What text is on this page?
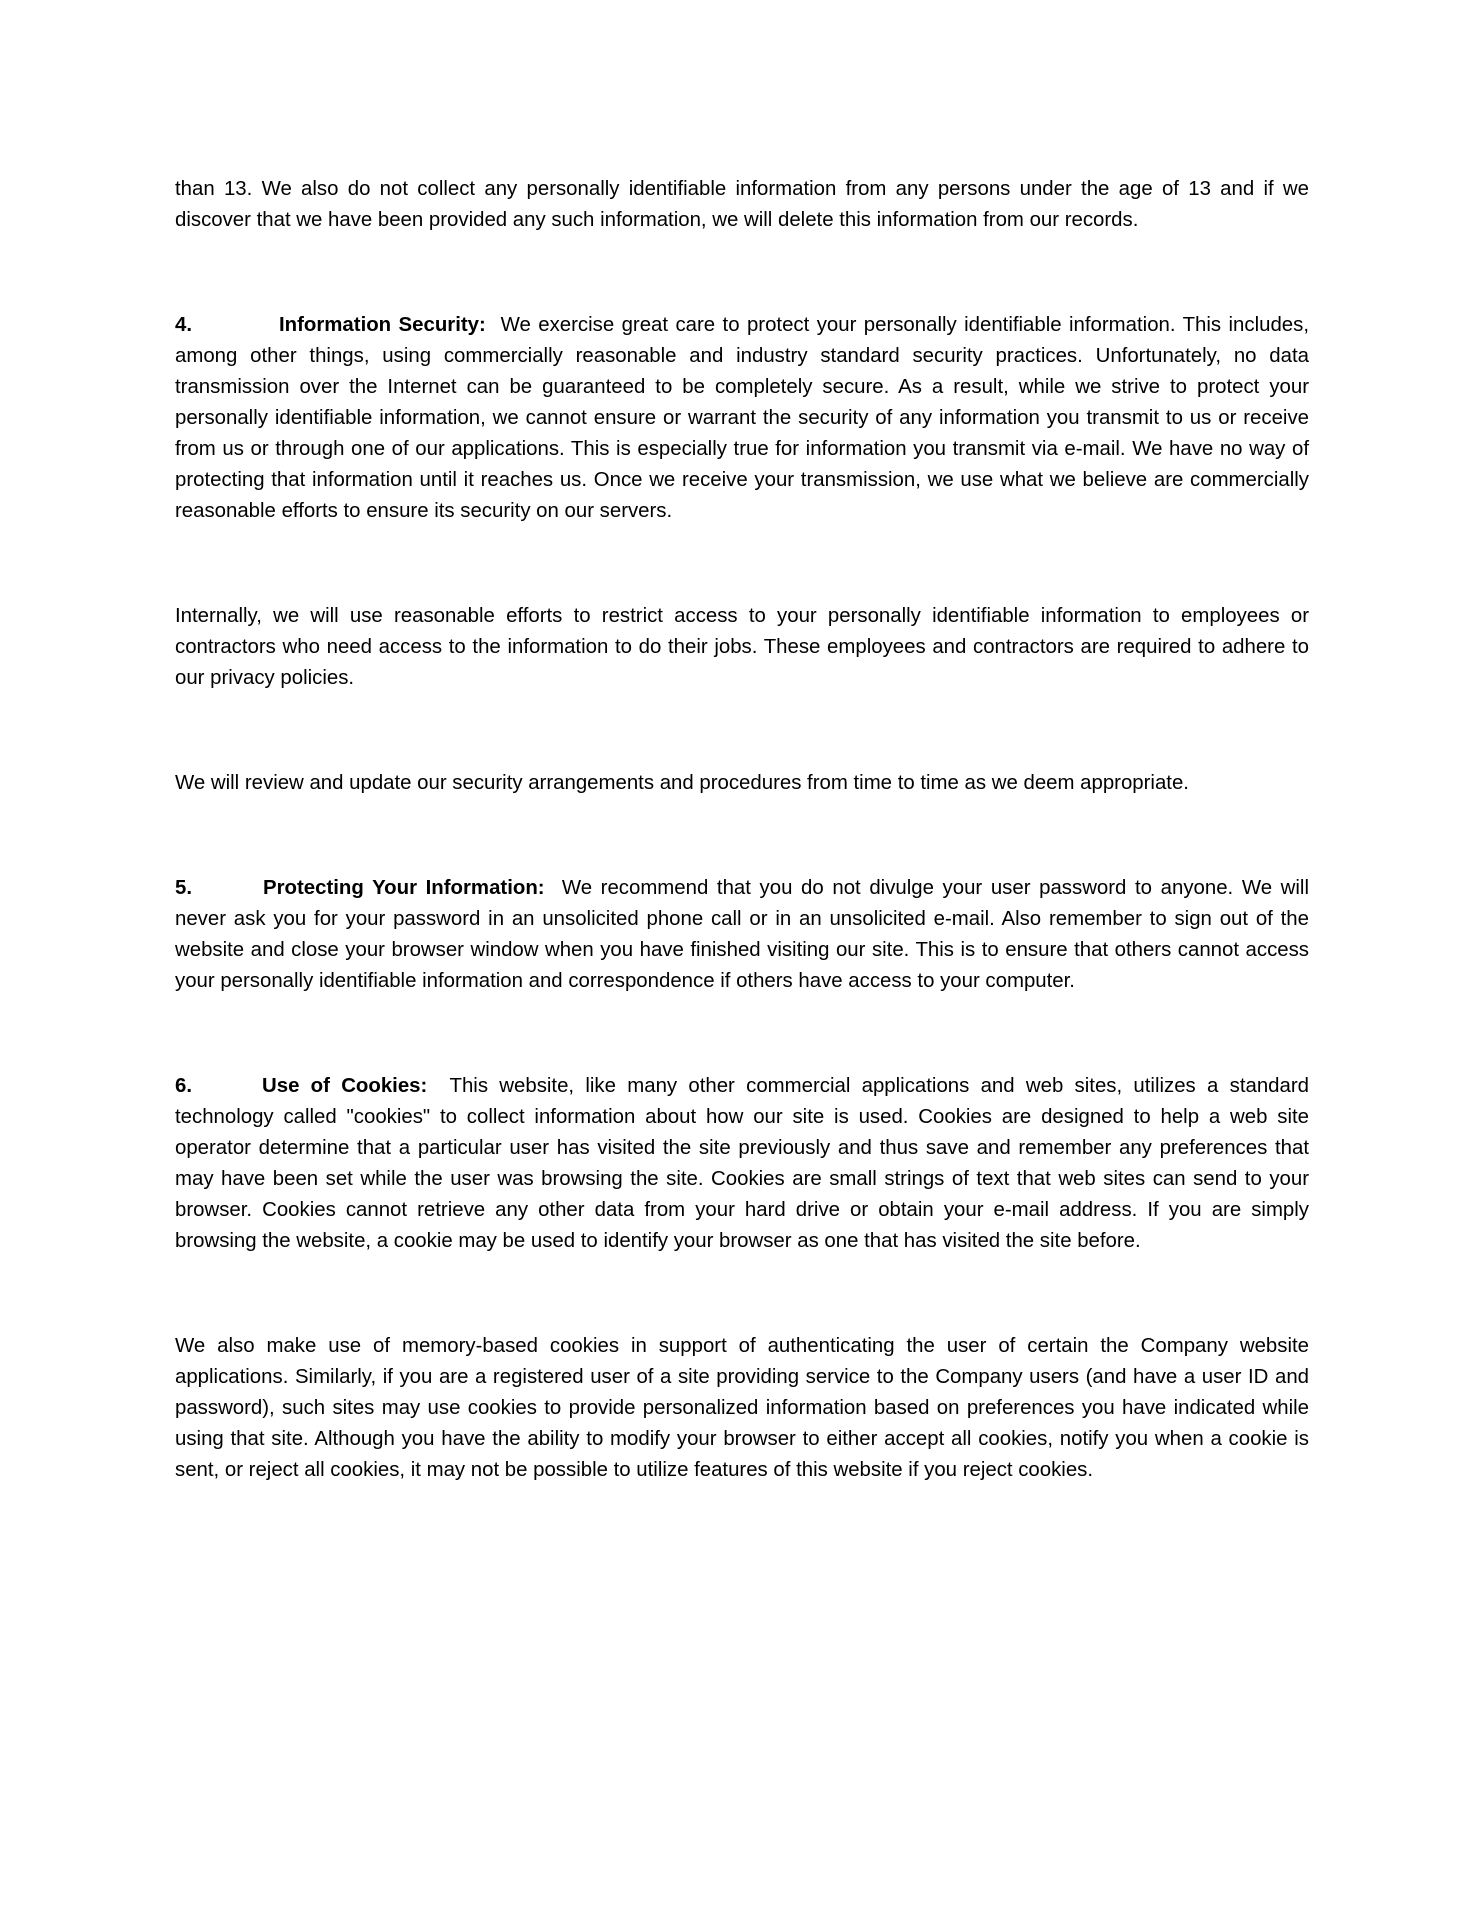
than 13. We also do not collect any personally identifiable information from any persons under the age of 13 and if we discover that we have been provided any such information, we will delete this information from our records.

4.	Information Security: We exercise great care to protect your personally identifiable information. This includes, among other things, using commercially reasonable and industry standard security practices. Unfortunately, no data transmission over the Internet can be guaranteed to be completely secure. As a result, while we strive to protect your personally identifiable information, we cannot ensure or warrant the security of any information you transmit to us or receive from us or through one of our applications. This is especially true for information you transmit via e-mail. We have no way of protecting that information until it reaches us. Once we receive your transmission, we use what we believe are commercially reasonable efforts to ensure its security on our servers.

Internally, we will use reasonable efforts to restrict access to your personally identifiable information to employees or contractors who need access to the information to do their jobs. These employees and contractors are required to adhere to our privacy policies.

We will review and update our security arrangements and procedures from time to time as we deem appropriate.

5.	Protecting Your Information: We recommend that you do not divulge your user password to anyone. We will never ask you for your password in an unsolicited phone call or in an unsolicited e-mail. Also remember to sign out of the website and close your browser window when you have finished visiting our site. This is to ensure that others cannot access your personally identifiable information and correspondence if others have access to your computer.

6.	Use of Cookies: This website, like many other commercial applications and web sites, utilizes a standard technology called "cookies" to collect information about how our site is used. Cookies are designed to help a web site operator determine that a particular user has visited the site previously and thus save and remember any preferences that may have been set while the user was browsing the site. Cookies are small strings of text that web sites can send to your browser. Cookies cannot retrieve any other data from your hard drive or obtain your e-mail address. If you are simply browsing the website, a cookie may be used to identify your browser as one that has visited the site before.

We also make use of memory-based cookies in support of authenticating the user of certain the Company website applications. Similarly, if you are a registered user of a site providing service to the Company users (and have a user ID and password), such sites may use cookies to provide personalized information based on preferences you have indicated while using that site. Although you have the ability to modify your browser to either accept all cookies, notify you when a cookie is sent, or reject all cookies, it may not be possible to utilize features of this website if you reject cookies.
